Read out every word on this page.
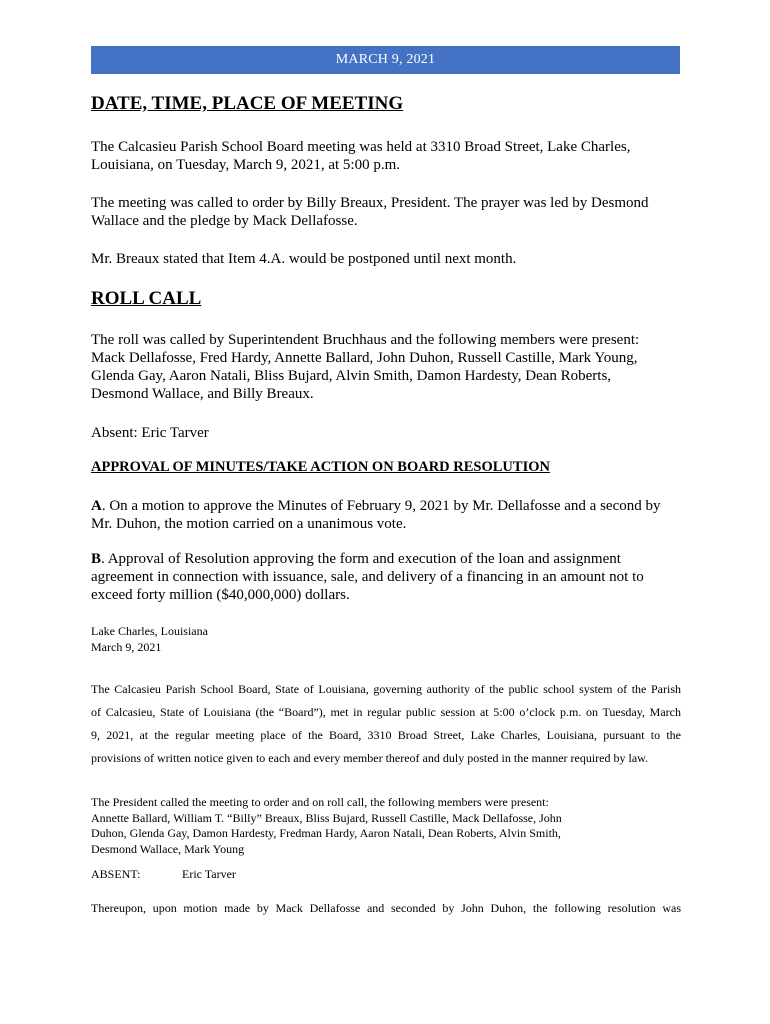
MARCH 9, 2021
DATE, TIME, PLACE OF MEETING
The Calcasieu Parish School Board meeting was held at 3310 Broad Street, Lake Charles,
Louisiana, on Tuesday, March 9, 2021, at 5:00 p.m.
The meeting was called to order by Billy Breaux, President. The prayer was led by Desmond
Wallace and the pledge by Mack Dellafosse.
Mr. Breaux stated that Item 4.A. would be postponed until next month.
ROLL CALL
The roll was called by Superintendent Bruchhaus and the following members were present:
Mack Dellafosse, Fred Hardy, Annette Ballard, John Duhon, Russell Castille, Mark Young,
Glenda Gay, Aaron Natali, Bliss Bujard, Alvin Smith, Damon Hardesty, Dean Roberts,
Desmond Wallace, and Billy Breaux.
Absent: Eric Tarver
APPROVAL OF MINUTES/TAKE ACTION ON BOARD RESOLUTION
A. On a motion to approve the Minutes of February 9, 2021 by Mr. Dellafosse and a second by
Mr. Duhon, the motion carried on a unanimous vote.
B. Approval of Resolution approving the form and execution of the loan and assignment
agreement in connection with issuance, sale, and delivery of a financing in an amount not to
exceed forty million ($40,000,000) dollars.
Lake Charles, Louisiana
March 9, 2021
The Calcasieu Parish School Board, State of Louisiana, governing authority of the public school system of the Parish
of Calcasieu, State of Louisiana (the “Board”), met in regular public session at 5:00 o’clock p.m. on Tuesday, March
9, 2021, at the regular meeting place of the Board, 3310 Broad Street, Lake Charles, Louisiana, pursuant to the
provisions of written notice given to each and every member thereof and duly posted in the manner required by law.
The President called the meeting to order and on roll call, the following members were present:
Annette Ballard, William T. “Billy” Breaux, Bliss Bujard, Russell Castille, Mack Dellafosse, John
Duhon, Glenda Gay, Damon Hardesty, Fredman Hardy, Aaron Natali, Dean Roberts, Alvin Smith,
Desmond Wallace, Mark Young
ABSENT:	Eric Tarver
Thereupon, upon motion made by Mack Dellafosse and seconded by John Duhon, the following resolution was
